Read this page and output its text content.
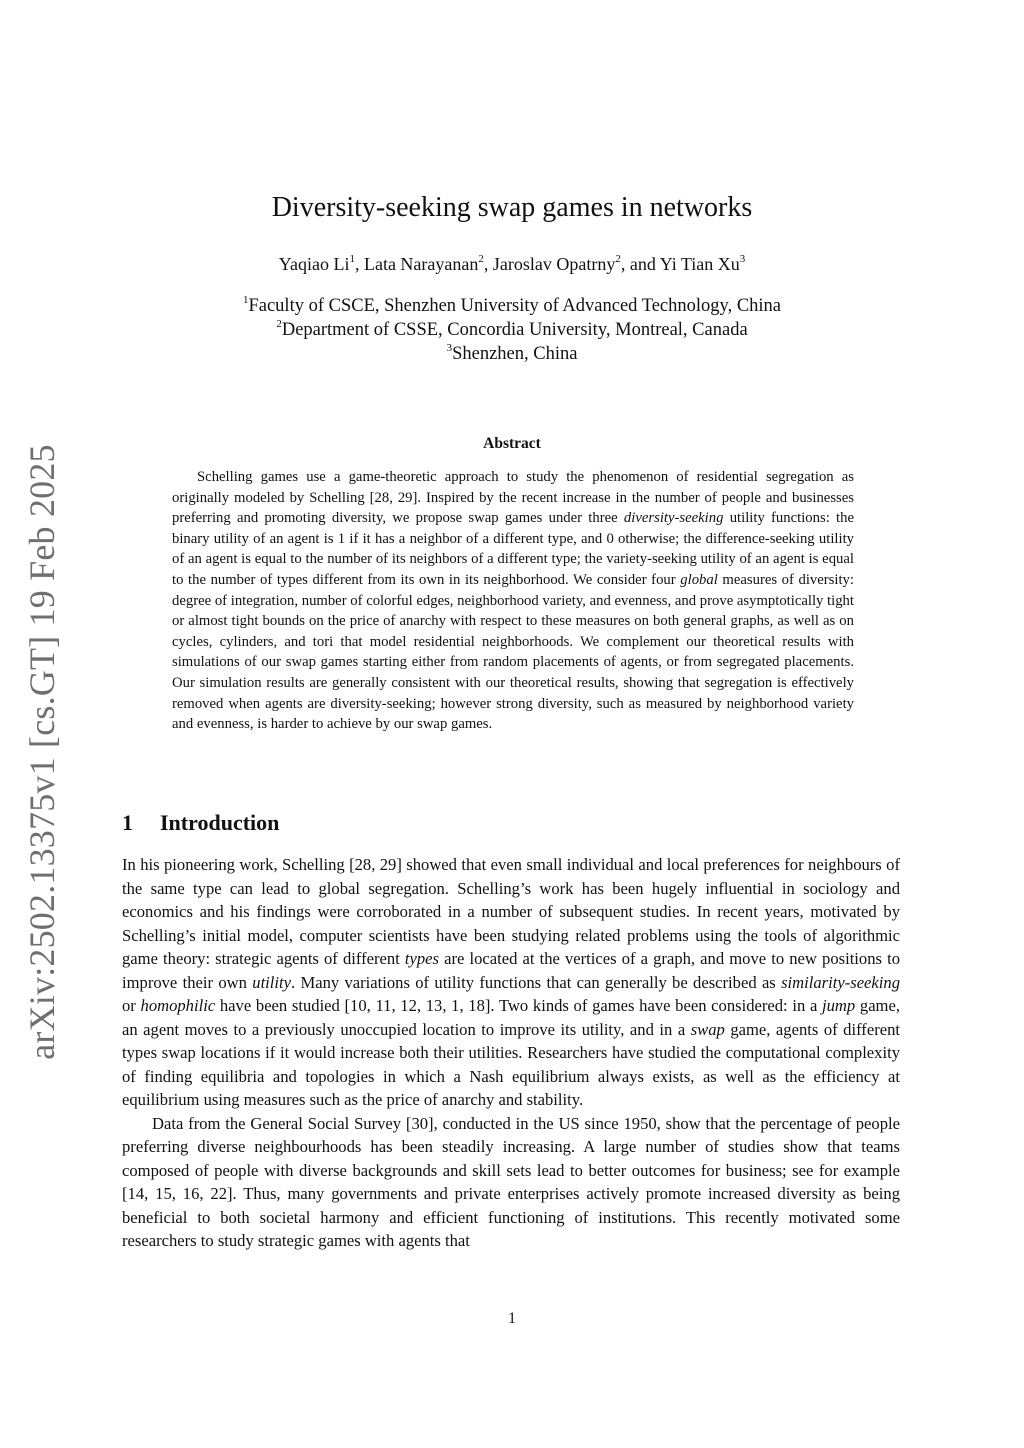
arXiv:2502.13375v1 [cs.GT] 19 Feb 2025
Diversity-seeking swap games in networks
Yaqiao Li$^1$, Lata Narayanan$^2$, Jaroslav Opatrny$^2$, and Yi Tian Xu$^3$
$^1$Faculty of CSCE, Shenzhen University of Advanced Technology, China
$^2$Department of CSSE, Concordia University, Montreal, Canada
$^3$Shenzhen, China
Abstract

Schelling games use a game-theoretic approach to study the phenomenon of residential segregation as originally modeled by Schelling [28, 29]. Inspired by the recent increase in the number of people and businesses preferring and promoting diversity, we propose swap games under three diversity-seeking utility functions: the binary utility of an agent is 1 if it has a neighbor of a different type, and 0 otherwise; the difference-seeking utility of an agent is equal to the number of its neighbors of a different type; the variety-seeking utility of an agent is equal to the number of types different from its own in its neighborhood. We consider four global measures of diversity: degree of integration, number of colorful edges, neighborhood variety, and evenness, and prove asymptotically tight or almost tight bounds on the price of anarchy with respect to these measures on both general graphs, as well as on cycles, cylinders, and tori that model residential neighborhoods. We complement our theoretical results with simulations of our swap games starting either from random placements of agents, or from segregated placements. Our simulation results are generally consistent with our theoretical results, showing that segregation is effectively removed when agents are diversity-seeking; however strong diversity, such as measured by neighborhood variety and evenness, is harder to achieve by our swap games.

1 Introduction

In his pioneering work, Schelling [28, 29] showed that even small individual and local preferences for neighbours of the same type can lead to global segregation. Schelling’s work has been hugely influential in sociology and economics and his findings were corroborated in a number of subsequent studies. In recent years, motivated by Schelling’s initial model, computer scientists have been studying related problems using the tools of algorithmic game theory: strategic agents of different types are located at the vertices of a graph, and move to new positions to improve their own utility. Many variations of utility functions that can generally be described as similarity-seeking or homophilic have been studied [10, 11, 12, 13, 1, 18]. Two kinds of games have been considered: in a jump game, an agent moves to a previously unoccupied location to improve its utility, and in a swap game, agents of different types swap locations if it would increase both their utilities. Researchers have studied the computational complexity of finding equilibria and topologies in which a Nash equilibrium always exists, as well as the efficiency at equilibrium using measures such as the price of anarchy and stability.

Data from the General Social Survey [30], conducted in the US since 1950, show that the percentage of people preferring diverse neighbourhoods has been steadily increasing. A large number of studies show that teams composed of people with diverse backgrounds and skill sets lead to better outcomes for business; see for example [14, 15, 16, 22]. Thus, many governments and private enterprises actively promote increased diversity as being beneficial to both societal harmony and efficient functioning of institutions. This recently motivated some researchers to study strategic games with agents that

1
